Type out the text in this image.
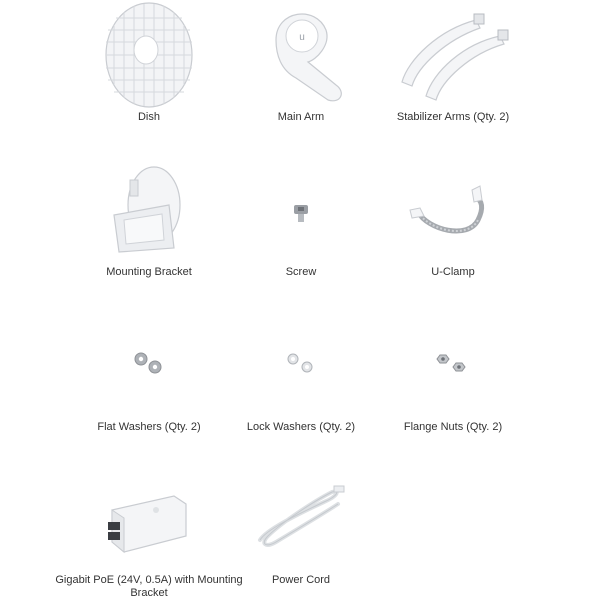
Dish
u
Main Arm	Stabilizer Arms (Qty. 2)
Mounting Bracket	Screw	U-Clamp
Flat Washers (Qty. 2)	Lock Washers (Qty. 2)	Flange Nuts (Qty. 2)
Gigabit PoE (24V, 0.5A) with Mounting Bracket
Power Cord
